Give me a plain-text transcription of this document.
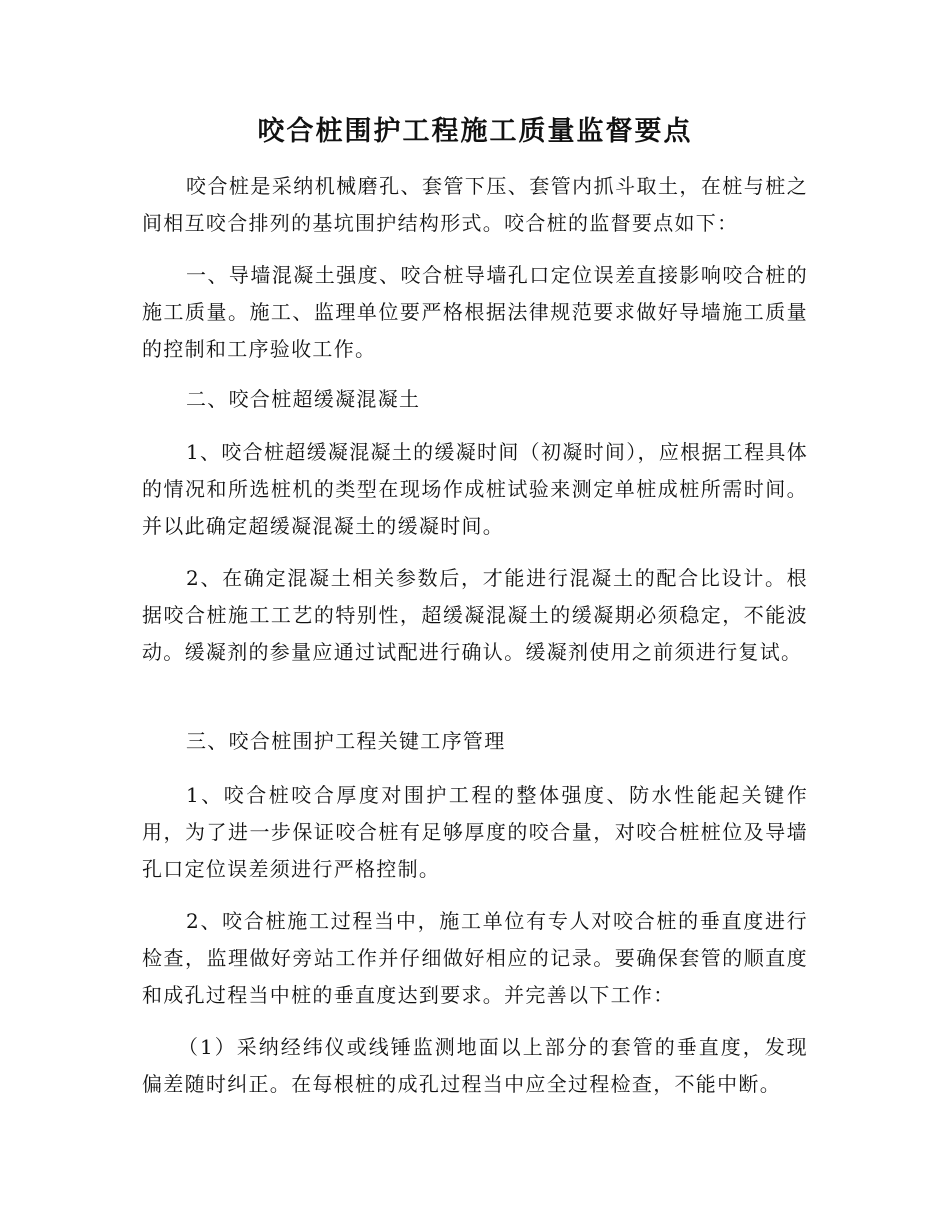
咬合桩围护工程施工质量监督要点

咬合桩是采纳机械磨孔、套管下压、套管内抓斗取土，在桩与桩之间相互咬合排列的基坑围护结构形式。咬合桩的监督要点如下：

一、导墙混凝土强度、咬合桩导墙孔口定位误差直接影响咬合桩的施工质量。施工、监理单位要严格根据法律规范要求做好导墙施工质量的控制和工序验收工作。

二、咬合桩超缓凝混凝土

1、咬合桩超缓凝混凝土的缓凝时间（初凝时间），应根据工程具体的情况和所选桩机的类型在现场作成桩试验来测定单桩成桩所需时间。并以此确定超缓凝混凝土的缓凝时间。

2、在确定混凝土相关参数后，才能进行混凝土的配合比设计。根据咬合桩施工工艺的特别性，超缓凝混凝土的缓凝期必须稳定，不能波动。缓凝剂的参量应通过试配进行确认。缓凝剂使用之前须进行复试。

三、咬合桩围护工程关键工序管理

1、咬合桩咬合厚度对围护工程的整体强度、防水性能起关键作用，为了进一步保证咬合桩有足够厚度的咬合量，对咬合桩桩位及导墙孔口定位误差须进行严格控制。

2、咬合桩施工过程当中，施工单位有专人对咬合桩的垂直度进行检查，监理做好旁站工作并仔细做好相应的记录。要确保套管的顺直度和成孔过程当中桩的垂直度达到要求。并完善以下工作：

（1）采纳经纬仪或线锤监测地面以上部分的套管的垂直度，发现偏差随时纠正。在每根桩的成孔过程当中应全过程检查，不能中断。
